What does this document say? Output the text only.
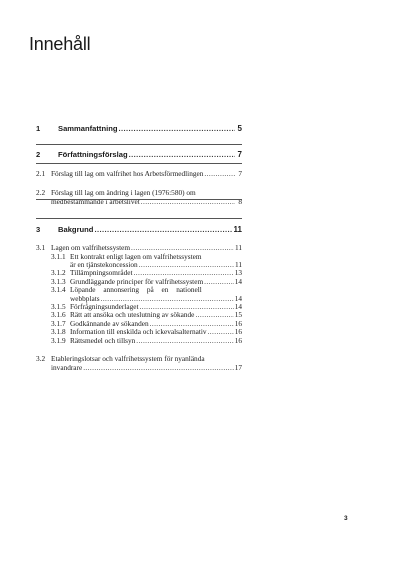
Innehåll
1	Sammanfattning .....	5
2	Författningsförslag .....	7
2.1 Förslag till lag om valfrihet hos Arbetsförmedlingen .....	7
2.2 Förslag till lag om ändring i lagen (1976:580) om
medbestämmande i arbetslivet .....	8
3	Bakgrund .....	11
3.1 Lagen om valfrihetssystem .....	11
3.1.1 Ett kontrakt enligt lagen om valfrihetssystem
är en tjänstekoncession .....	11
3.1.2 Tillämpningsområdet .....	13
3.1.3 Grundläggande principer för valfrihetssystem .....	14
3.1.4 Löpande annonsering på en nationell
webbplats .....	14
3.1.5 Förfrågningsunderlaget .....	14
3.1.6 Rätt att ansöka och uteslutning av sökande .....	15
3.1.7 Godkännande av sökanden .....	16
3.1.8 Information till enskilda och ickevalsalternativ .....	16
3.1.9 Rättsmedel och tillsyn .....	16
3.2 Etableringslotsar och valfrihetssystem för nyanlända
invandrare .....	17
3
